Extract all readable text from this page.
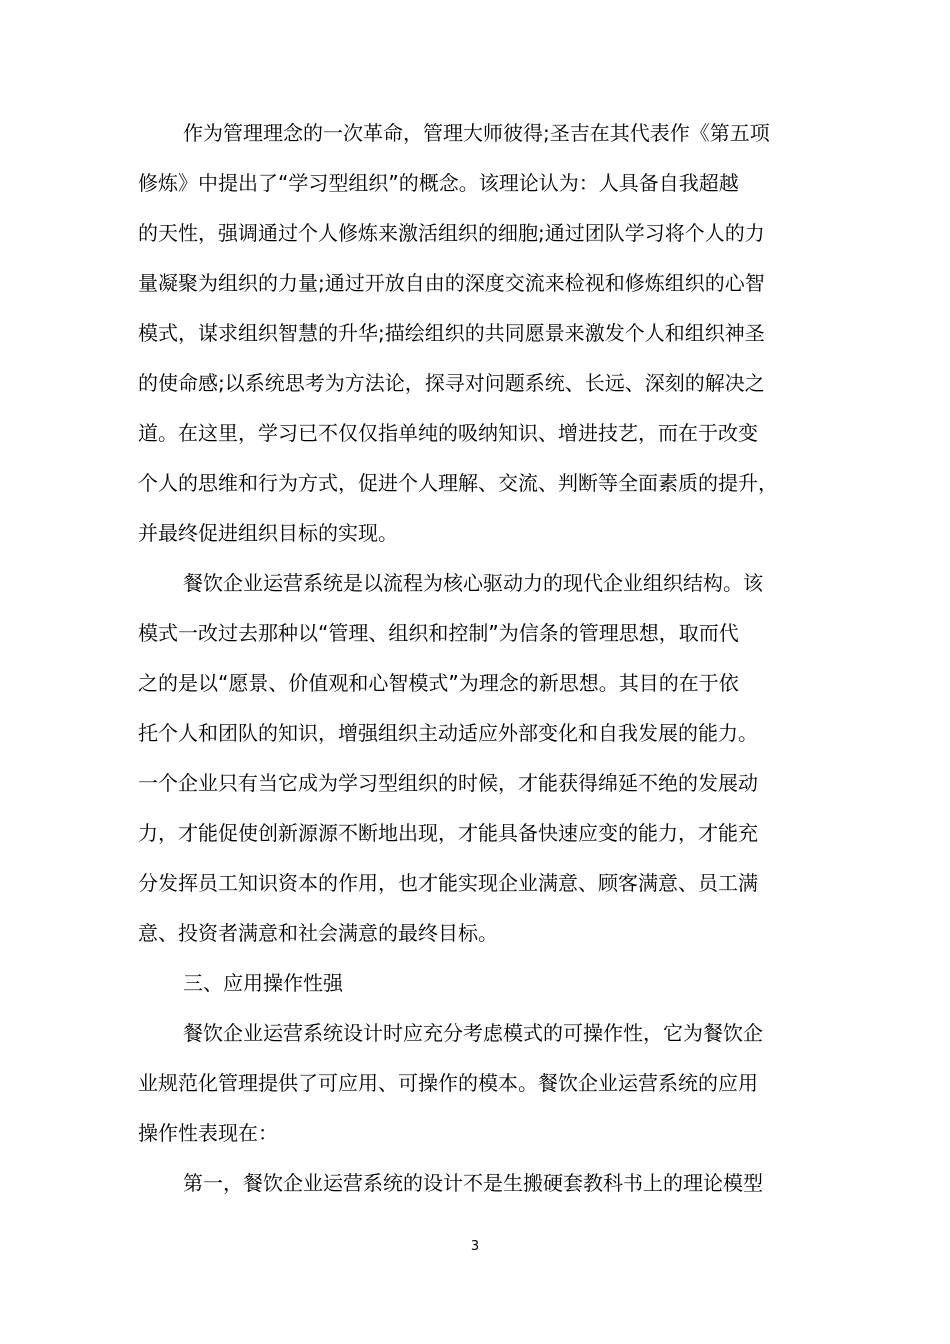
作为管理理念的一次革命，管理大师彼得;圣吉在其代表作《第五项
修炼》中提出了“学习型组织”的概念。该理论认为：人具备自我超越
的天性，强调通过个人修炼来激活组织的细胞;通过团队学习将个人的力
量凝聚为组织的力量;通过开放自由的深度交流来检视和修炼组织的心智
模式，谋求组织智慧的升华;描绘组织的共同愿景来激发个人和组织神圣
的使命感;以系统思考为方法论，探寻对问题系统、长远、深刻的解决之
道。在这里，学习已不仅仅指单纯的吸纳知识、增进技艺，而在于改变
个人的思维和行为方式，促进个人理解、交流、判断等全面素质的提升，
并最终促进组织目标的实现。
餐饮企业运营系统是以流程为核心驱动力的现代企业组织结构。该
模式一改过去那种以“管理、组织和控制”为信条的管理思想，取而代
之的是以“愿景、价值观和心智模式”为理念的新思想。其目的在于依
托个人和团队的知识，增强组织主动适应外部变化和自我发展的能力。
一个企业只有当它成为学习型组织的时候，才能获得绵延不绝的发展动
力，才能促使创新源源不断地出现，才能具备快速应变的能力，才能充
分发挥员工知识资本的作用，也才能实现企业满意、顾客满意、员工满
意、投资者满意和社会满意的最终目标。
三、应用操作性强
餐饮企业运营系统设计时应充分考虑模式的可操作性，它为餐饮企
业规范化管理提供了可应用、可操作的模本。餐饮企业运营系统的应用
操作性表现在：
第一，餐饮企业运营系统的设计不是生搬硬套教科书上的理论模型
3
